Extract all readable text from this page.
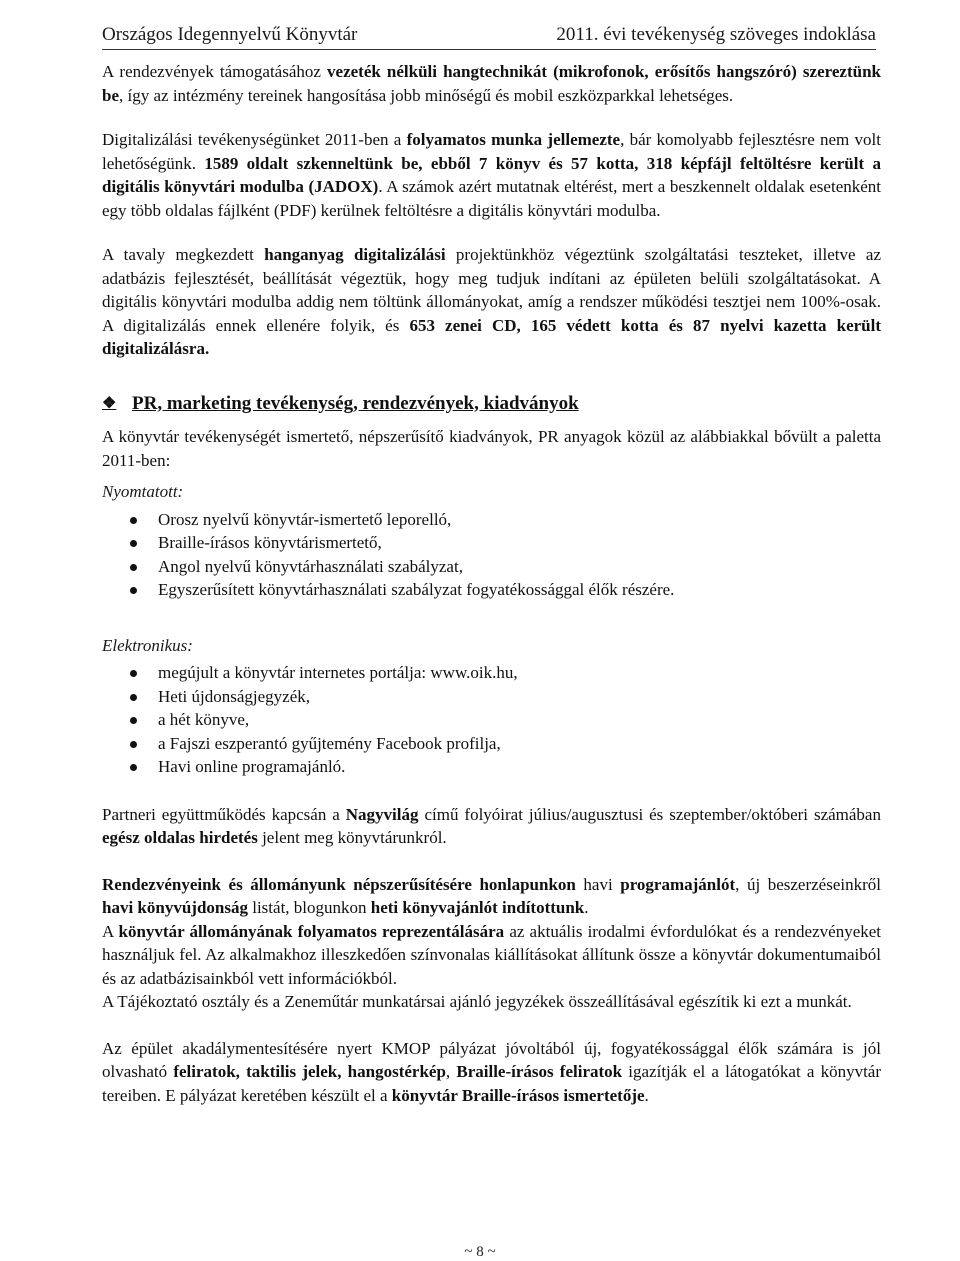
Országos Idegennyelvű Könyvtár	2011. évi tevékenység szöveges indoklása

A rendezvények támogatásához vezeték nélküli hangtechnikát (mikrofonok, erősítős hangszóró) szereztünk be, így az intézmény tereinek hangosítása jobb minőségű és mobil eszközparkkal lehetséges.

Digitalizálási tevékenységünket 2011-ben a folyamatos munka jellemezte, bár komolyabb fejlesztésre nem volt lehetőségünk. 1589 oldalt szkenneltünk be, ebből 7 könyv és 57 kotta, 318 képfájl feltöltésre került a digitális könyvtári modulba (JADOX). A számok azért mutatnak eltérést, mert a beszkennelt oldalak esetenként egy több oldalas fájlként (PDF) kerülnek feltöltésre a digitális könyvtári modulba.

A tavaly megkezdett hanganyag digitalizálási projektünkhöz végeztünk szolgáltatási teszteket, illetve az adatbázis fejlesztését, beállítását végeztük, hogy meg tudjuk indítani az épületen belüli szolgáltatásokat. A digitális könyvtári modulba addig nem töltünk állományokat, amíg a rendszer működési tesztjei nem 100%-osak. A digitalizálás ennek ellenére folyik, és 653 zenei CD, 165 védett kotta és 87 nyelvi kazetta került digitalizálásra.

❖ PR, marketing tevékenység, rendezvények, kiadványok

A könyvtár tevékenységét ismertető, népszerűsítő kiadványok, PR anyagok közül az alábbiakkal bővült a paletta 2011-ben:

Nyomtatott:
Orosz nyelvű könyvtár-ismertető leporelló,
Braille-írásos könyvtárismertető,
Angol nyelvű könyvtárhasználati szabályzat,
Egyszerűsített könyvtárhasználati szabályzat fogyatékossággal élők részére.
Elektronikus:
megújult a könyvtár internetes portálja: www.oik.hu,
Heti újdonságjegyzék,
a hét könyve,
a Fajszi eszperantó gyűjtemény Facebook profilja,
Havi online programajánló.

Partneri együttműködés kapcsán a Nagyvilág című folyóirat július/augusztusi és szeptember/októberi számában egész oldalas hirdetés jelent meg könyvtárunkról.

Rendezvényeink és állományunk népszerűsítésére honlapunkon havi programajánlót, új beszerzéseinkről havi könyvújdonság listát, blogunkon heti könyvajánlót indítottunk.

A könyvtár állományának folyamatos reprezentálására az aktuális irodalmi évfordulókat és a rendezvényeket használjuk fel. Az alkalmakhoz illeszkedően színvonalas kiállításokat állítunk össze a könyvtár dokumentumaiból és az adatbázisainkból vett információkból.

A Tájékoztató osztály és a Zeneműtár munkatársai ajánló jegyzékek összeállításával egészítik ki ezt a munkát.

Az épület akadálymentesítésére nyert KMOP pályázat jóvoltából új, fogyatékossággal élők számára is jól olvasható feliratok, taktilis jelek, hangostérkép, Braille-írásos feliratok igazítják el a látogatókat a könyvtár tereiben. E pályázat keretében készült el a könyvtár Braille-írásos ismertetője.

~ 8 ~
